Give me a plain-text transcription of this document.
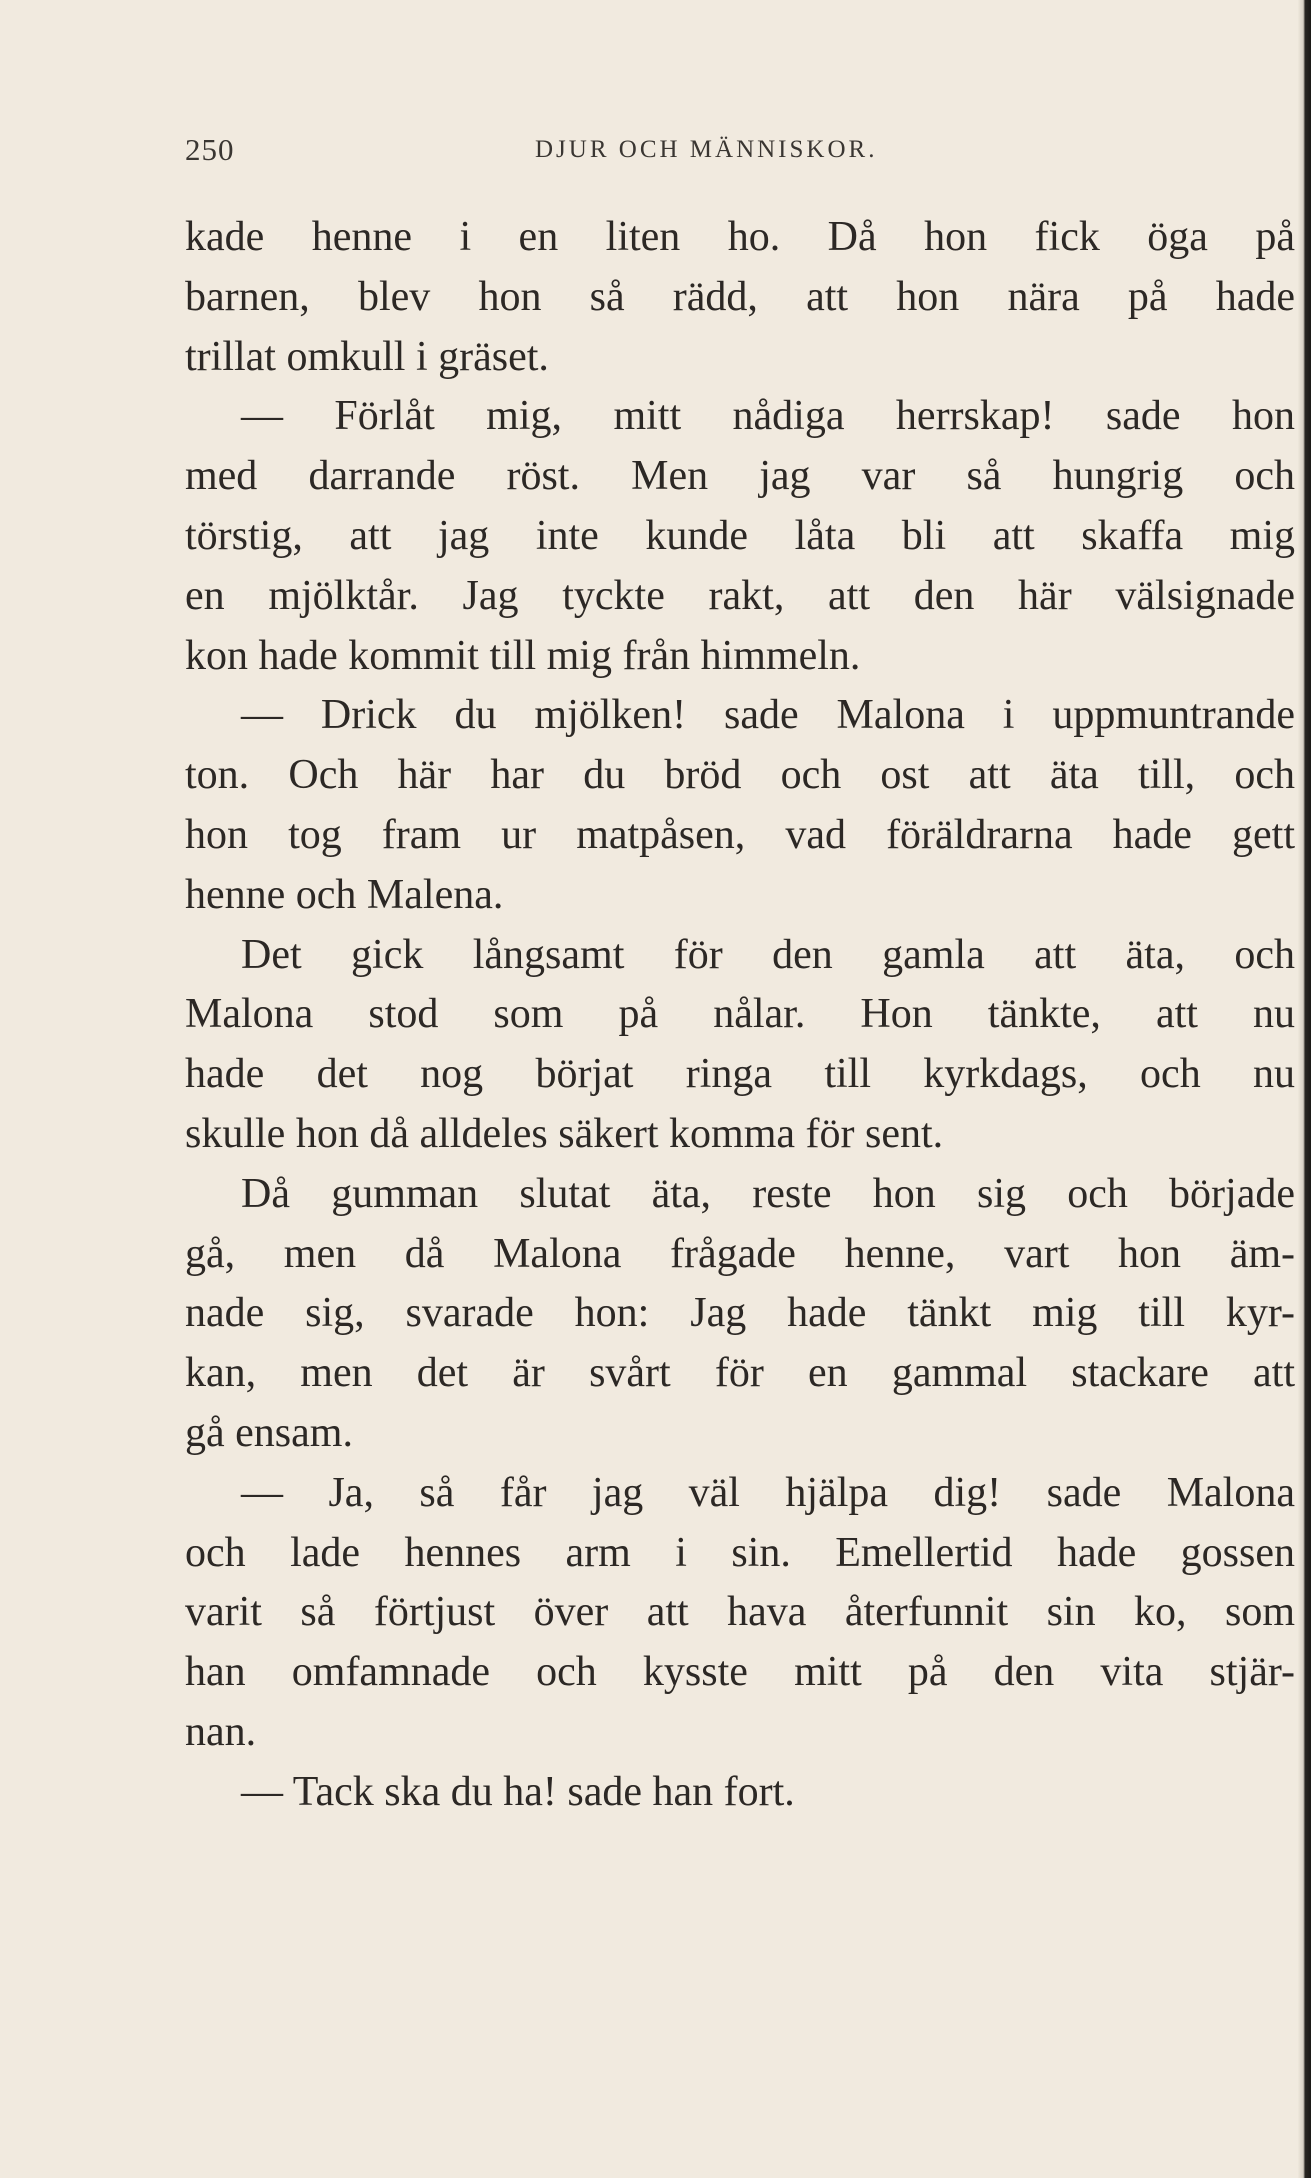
250	DJUR OCH MÄNNISKOR.
kade henne i en liten ho. Då hon fick öga på
barnen, blev hon så rädd, att hon nära på hade
trillat omkull i gräset.
— Förlåt mig, mitt nådiga herrskap! sade hon
med darrande röst. Men jag var så hungrig och
törstig, att jag inte kunde låta bli att skaffa mig
en mjölktår. Jag tyckte rakt, att den här välsignade
kon hade kommit till mig från himmeln.
— Drick du mjölken! sade Malona i uppmuntrande
ton. Och här har du bröd och ost att äta till, och
hon tog fram ur matpåsen, vad föräldrarna hade gett
henne och Malena.
Det gick långsamt för den gamla att äta, och
Malona stod som på nålar. Hon tänkte, att nu
hade det nog börjat ringa till kyrkdags, och nu
skulle hon då alldeles säkert komma för sent.
Då gumman slutat äta, reste hon sig och började
gå, men då Malona frågade henne, vart hon äm-
nade sig, svarade hon: Jag hade tänkt mig till kyr-
kan, men det är svårt för en gammal stackare att
gå ensam.
— Ja, så får jag väl hjälpa dig! sade Malona
och lade hennes arm i sin. Emellertid hade gossen
varit så förtjust över att hava återfunnit sin ko, som
han omfamnade och kysste mitt på den vita stjär-
nan.
— Tack ska du ha! sade han fort.
